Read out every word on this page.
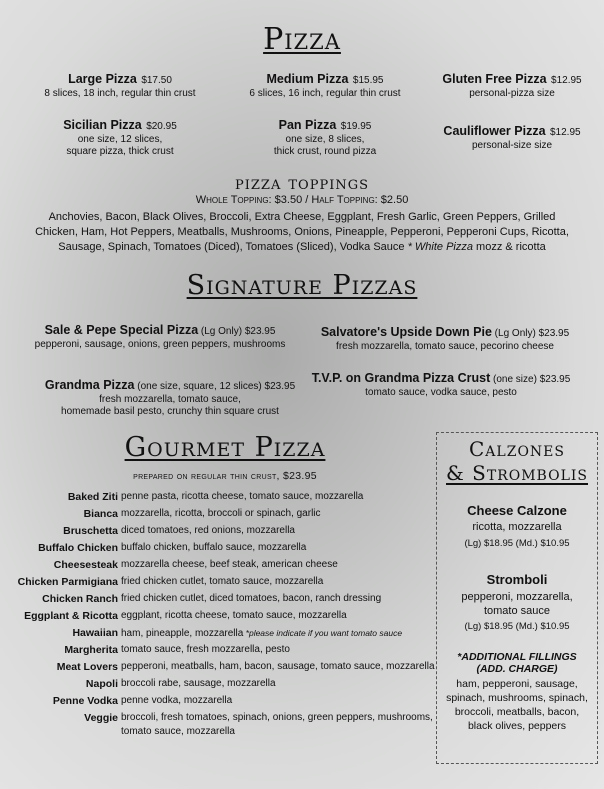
Pizza
Large Pizza $17.50
8 slices, 18 inch, regular thin crust
Medium Pizza $15.95
6 slices, 16 inch, regular thin crust
Gluten Free Pizza $12.95
personal-pizza size
Sicilian Pizza $20.95
one size, 12 slices,
square pizza, thick crust
Pan Pizza $19.95
one size, 8 slices,
thick crust, round pizza
Cauliflower Pizza $12.95
personal-size size
pizza toppings
Whole Topping: $3.50 / Half Topping: $2.50
Anchovies, Bacon, Black Olives, Broccoli, Extra Cheese, Eggplant, Fresh Garlic, Green Peppers, Grilled
Chicken, Ham, Hot Peppers, Meatballs, Mushrooms, Onions, Pineapple, Pepperoni, Pepperoni Cups, Ricotta,
Sausage, Spinach, Tomatoes (Diced), Tomatoes (Sliced), Vodka Sauce * White Pizza mozz & ricotta
Signature Pizzas
Sale & Pepe Special Pizza (Lg Only) $23.95
pepperoni, sausage, onions, green peppers, mushrooms
Salvatore's Upside Down Pie (Lg Only) $23.95
fresh mozzarella, tomato sauce, pecorino cheese
Grandma Pizza (one size, square, 12 slices) $23.95
fresh mozzarella, tomato sauce,
homemade basil pesto, crunchy thin square crust
T.V.P. on Grandma Pizza Crust (one size) $23.95
tomato sauce, vodka sauce, pesto
Gourmet Pizza
prepared on regular thin crust, $23.95
Baked Ziti penne pasta, ricotta cheese, tomato sauce, mozzarella
Bianca mozzarella, ricotta, broccoli or spinach, garlic
Bruschetta diced tomatoes, red onions, mozzarella
Buffalo Chicken buffalo chicken, buffalo sauce, mozzarella
Cheesesteak mozzarella cheese, beef steak, american cheese
Chicken Parmigiana fried chicken cutlet, tomato sauce, mozzarella
Chicken Ranch fried chicken cutlet, diced tomatoes, bacon, ranch dressing
Eggplant & Ricotta eggplant, ricotta cheese, tomato sauce, mozzarella
Hawaiian ham, pineapple, mozzarella *please indicate if you want tomato sauce
Margherita tomato sauce, fresh mozzarella, pesto
Meat Lovers pepperoni, meatballs, ham, bacon, sausage, tomato sauce, mozzarella
Napoli broccoli rabe, sausage, mozzarella
Penne Vodka penne vodka, mozzarella
Veggie broccoli, fresh tomatoes, spinach, onions, green peppers, mushrooms,
tomato sauce, mozzarella
Calzones
& Strombolis
Cheese Calzone
ricotta, mozzarella
(Lg) $18.95 (Md.) $10.95
Stromboli
pepperoni, mozzarella,
tomato sauce
(Lg) $18.95 (Md.) $10.95
*ADDITIONAL FILLINGS
(ADD. CHARGE)
ham, pepperoni, sausage,
spinach, mushrooms, spinach,
broccoli, meatballs, bacon,
black olives, peppers
